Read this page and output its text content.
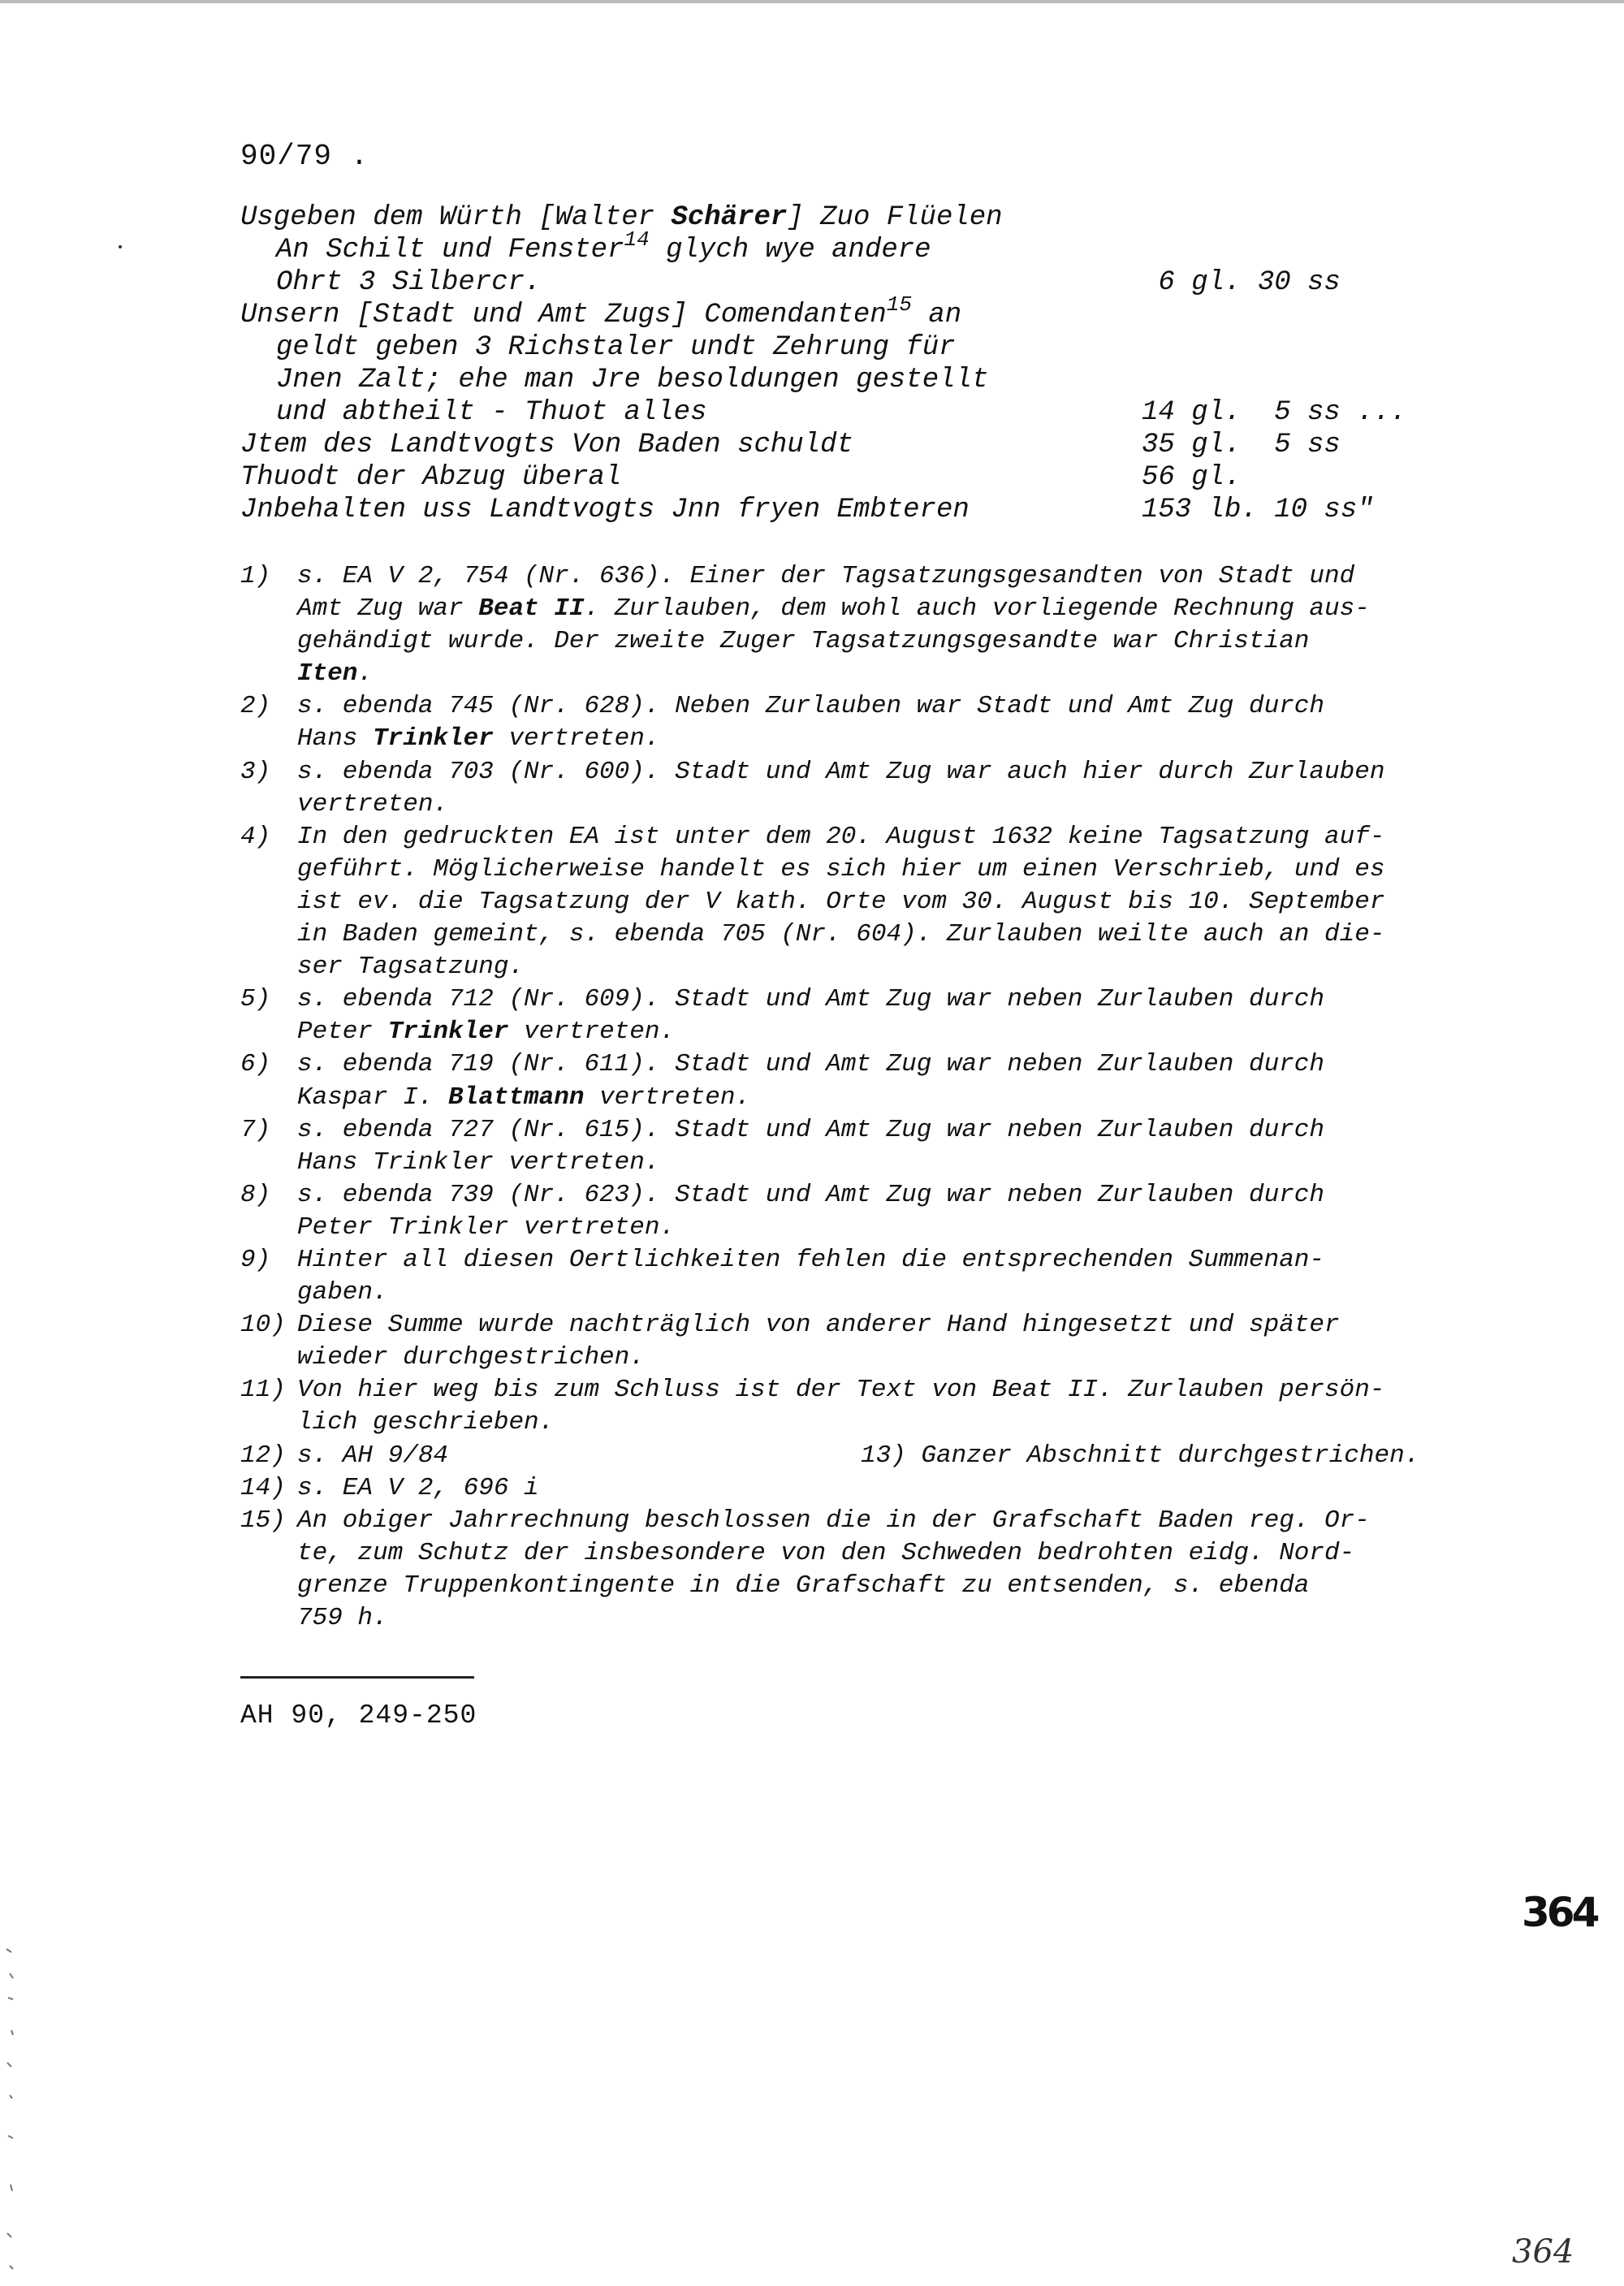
90/79 .
Usgeben dem Würth [Walter Schärer] Zuo Flüelen
An Schilt und Fenster$^{14}$ glych wye andere
Ohrt 3 Silbercr.	6 gl. 30 ss
Unsern [Stadt und Amt Zugs] Comendanten$^{15}$ an
geldt geben 3 Richstaler undt Zehrung für
Jnen Zalt; ehe man Jre besoldungen gestellt
und abtheilt - Thuot alles	14 gl.  5 ss ...
Jtem des Landtvogts Von Baden schuldt	35 gl.  5 ss
Thuodt der Abzug überal	56 gl.
Jnbehalten uss Landtvogts Jnn fryen Embteren	153 lb. 10 ss"
1) s. EA V 2, 754 (Nr. 636). Einer der Tagsatzungsgesandten von Stadt und
Amt Zug war Beat II. Zurlauben, dem wohl auch vorliegende Rechnung aus-
gehändigt wurde. Der zweite Zuger Tagsatzungsgesandte war Christian
Iten.
2) s. ebenda 745 (Nr. 628). Neben Zurlauben war Stadt und Amt Zug durch
Hans Trinkler vertreten.
3) s. ebenda 703 (Nr. 600). Stadt und Amt Zug war auch hier durch Zurlauben
vertreten.
4) In den gedruckten EA ist unter dem 20. August 1632 keine Tagsatzung auf-
geführt. Möglicherweise handelt es sich hier um einen Verschrieb, und es
ist ev. die Tagsatzung der V kath. Orte vom 30. August bis 10. September
in Baden gemeint, s. ebenda 705 (Nr. 604). Zurlauben weilte auch an die-
ser Tagsatzung.
5) s. ebenda 712 (Nr. 609). Stadt und Amt Zug war neben Zurlauben durch
Peter Trinkler vertreten.
6) s. ebenda 719 (Nr. 611). Stadt und Amt Zug war neben Zurlauben durch
Kaspar I. Blattmann vertreten.
7) s. ebenda 727 (Nr. 615). Stadt und Amt Zug war neben Zurlauben durch
Hans Trinkler vertreten.
8) s. ebenda 739 (Nr. 623). Stadt und Amt Zug war neben Zurlauben durch
Peter Trinkler vertreten.
9) Hinter all diesen Oertlichkeiten fehlen die entsprechenden Summenan-
gaben.
10) Diese Summe wurde nachträglich von anderer Hand hingesetzt und später
wieder durchgestrichen.
11) Von hier weg bis zum Schluss ist der Text von Beat II. Zurlauben persön-
lich geschrieben.
12) s. AH 9/84	13) Ganzer Abschnitt durchgestrichen.
14) s. EA V 2, 696 i
15) An obiger Jahrrechnung beschlossen die in der Grafschaft Baden reg. Or-
te, zum Schutz der insbesondere von den Schweden bedrohten eidg. Nord-
grenze Truppenkontingente in die Grafschaft zu entsenden, s. ebenda
759 h.
AH 90, 249-250
364
364
